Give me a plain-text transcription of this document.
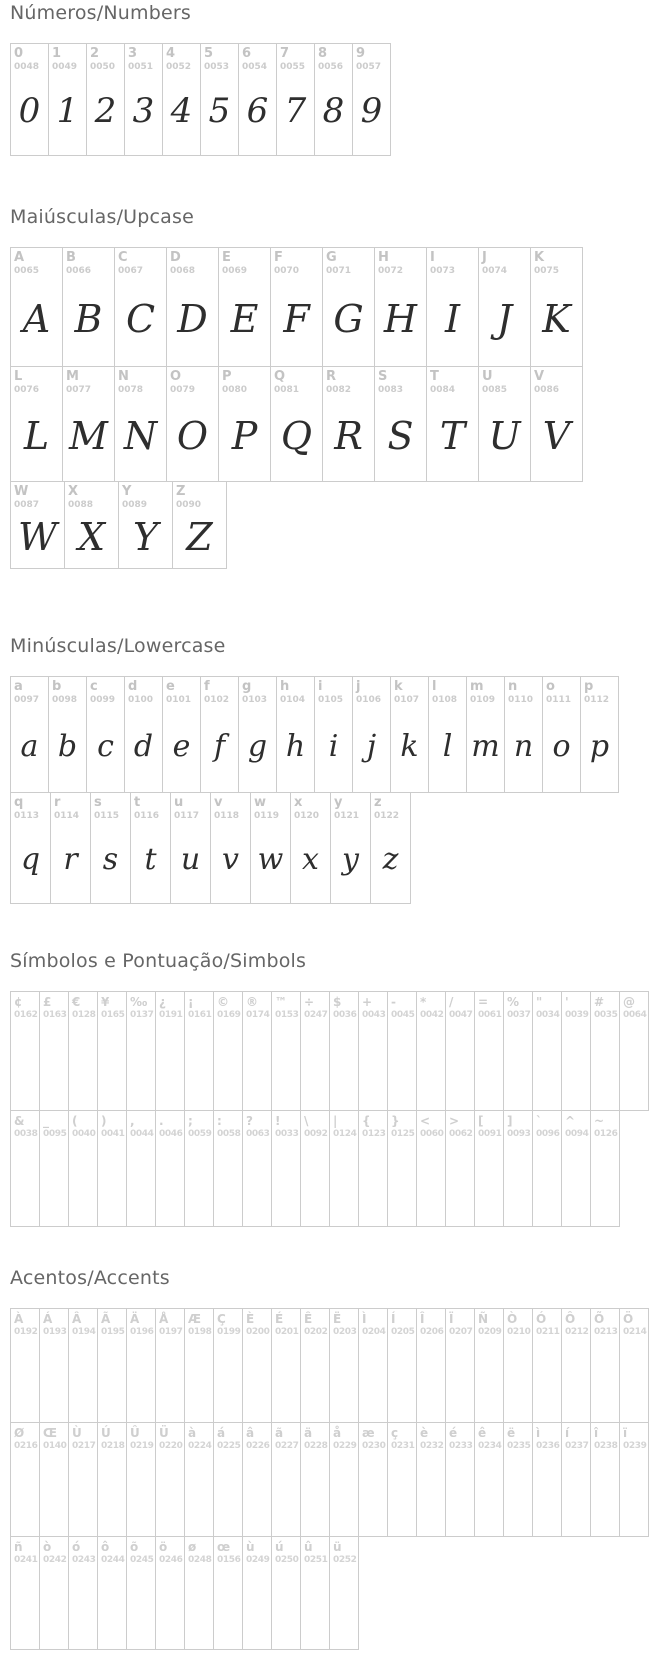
Números/Numbers
0
0048
0
1
0049
1
2
0050
2
3
0051
3
4
0052
4
5
0053
5
6
0054
6
7
0055
7
8
0056
8
9
0057
9
Maiúsculas/Upcase
A
0065
A
B
0066
B
C
0067
C
D
0068
D
E
0069
E
F
0070
F
G
0071
G
H
0072
H
I
0073
I
J
0074
J
K
0075
K
L
0076
L
M
0077
M
N
0078
N
O
0079
O
P
0080
P
Q
0081
Q
R
0082
R
S
0083
S
T
0084
T
U
0085
U
V
0086
V
W
0087
W
X
0088
X
Y
0089
Y
Z
0090
Z
Minúsculas/Lowercase
a
0097
a
b
0098
b
c
0099
c
d
0100
d
e
0101
e
f
0102
f
g
0103
g
h
0104
h
i
0105
i
j
0106
j
k
0107
k
l
0108
l
m
0109
m
n
0110
n
o
0111
o
p
0112
p
q
0113
q
r
0114
r
s
0115
s
t
0116
t
u
0117
u
v
0118
v
w
0119
w
x
0120
x
y
0121
y
z
0122
z
Símbolos e Pontuação/Simbols
¢
0162
£
0163
€
0128
¥
0165
‰
0137
¿
0191
¡
0161
©
0169
®
0174
™
0153
÷
0247
$
0036
+
0043
-
0045
*
0042
/
0047
=
0061
%
0037
"
0034
'
0039
#
0035
@
0064
&
0038
_
0095
(
0040
)
0041
,
0044
.
0046
;
0059
:
0058
?
0063
!
0033
\
0092
|
0124
{
0123
}
0125
<
0060
>
0062
[
0091
]
0093
`
0096
^
0094
~
0126
Acentos/Accents
À
0192
Á
0193
Â
0194
Ã
0195
Ä
0196
Å
0197
Æ
0198
Ç
0199
È
0200
É
0201
Ê
0202
Ë
0203
Ì
0204
Í
0205
Î
0206
Ï
0207
Ñ
0209
Ò
0210
Ó
0211
Ô
0212
Õ
0213
Ö
0214
Ø
0216
Œ
0140
Ù
0217
Ú
0218
Û
0219
Ü
0220
à
0224
á
0225
â
0226
ã
0227
ä
0228
å
0229
æ
0230
ç
0231
è
0232
é
0233
ê
0234
ë
0235
ì
0236
í
0237
î
0238
ï
0239
ñ
0241
ò
0242
ó
0243
ô
0244
õ
0245
ö
0246
ø
0248
œ
0156
ù
0249
ú
0250
û
0251
ü
0252
